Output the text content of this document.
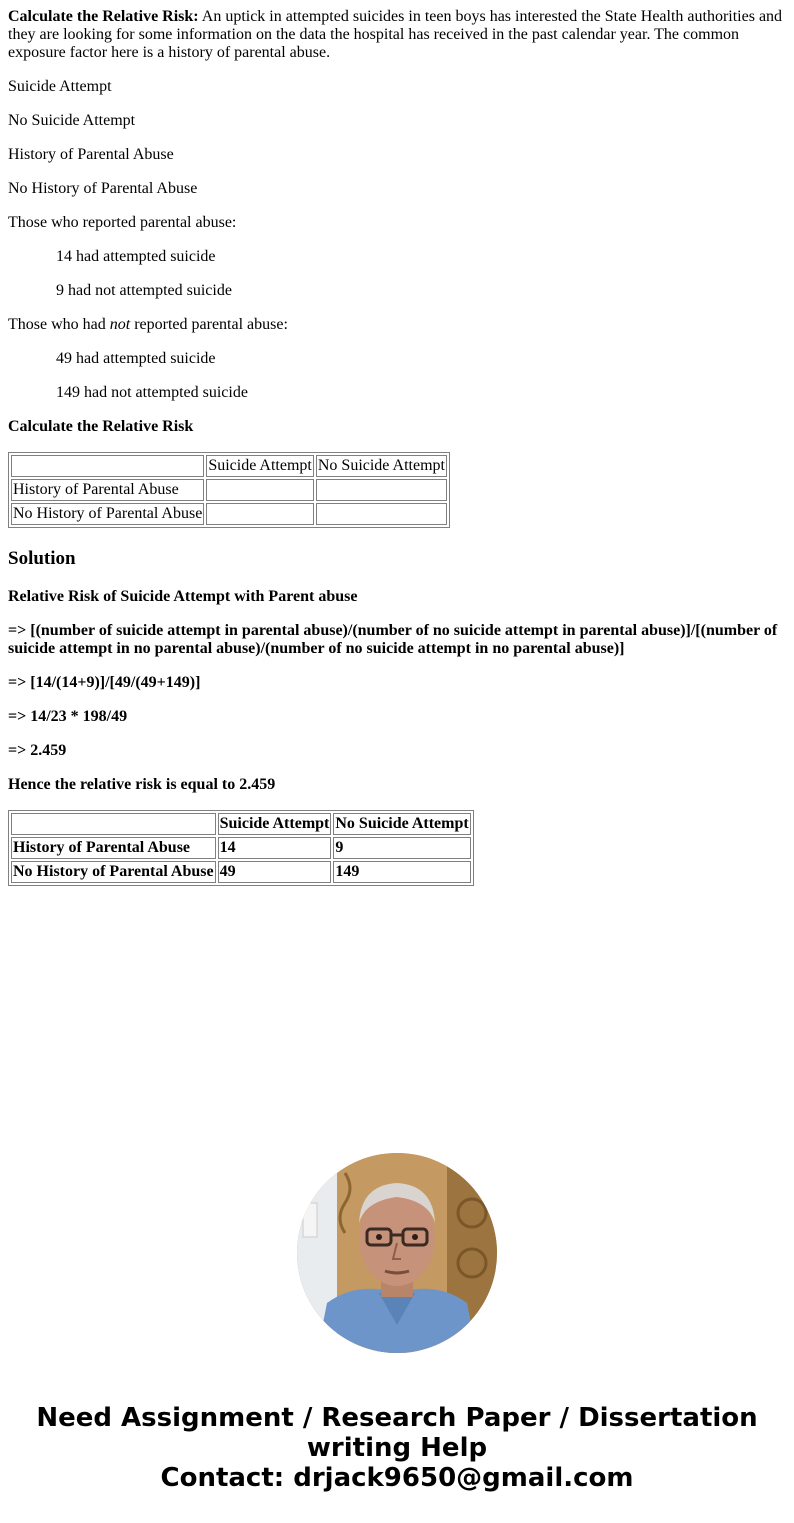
Calculate the Relative Risk: An uptick in attempted suicides in teen boys has interested the State Health authorities and they are looking for some information on the data the hospital has received in the past calendar year. The common exposure factor here is a history of parental abuse.

Suicide Attempt

No Suicide Attempt

History of Parental Abuse

No History of Parental Abuse

Those who reported parental abuse:

14 had attempted suicide

9 had not attempted suicide

Those who had not reported parental abuse:

49 had attempted suicide

149 had not attempted suicide

Calculate the Relative Risk

	Suicide Attempt	No Suicide Attempt
History of Parental Abuse		
No History of Parental Abuse		
Solution

Relative Risk of Suicide Attempt with Parent abuse

=> [(number of suicide attempt in parental abuse)/(number of no suicide attempt in parental abuse)]/[(number of suicide attempt in no parental abuse)/(number of no suicide attempt in no parental abuse)]

=> [14/(14+9)]/[49/(49+149)]

=> 14/23 * 198/49

=> 2.459

Hence the relative risk is equal to 2.459

	Suicide Attempt	No Suicide Attempt
History of Parental Abuse	14	9
No History of Parental Abuse	49	149
Need Assignment / Research Paper / Dissertation
writing Help
Contact: drjack9650@gmail.com
